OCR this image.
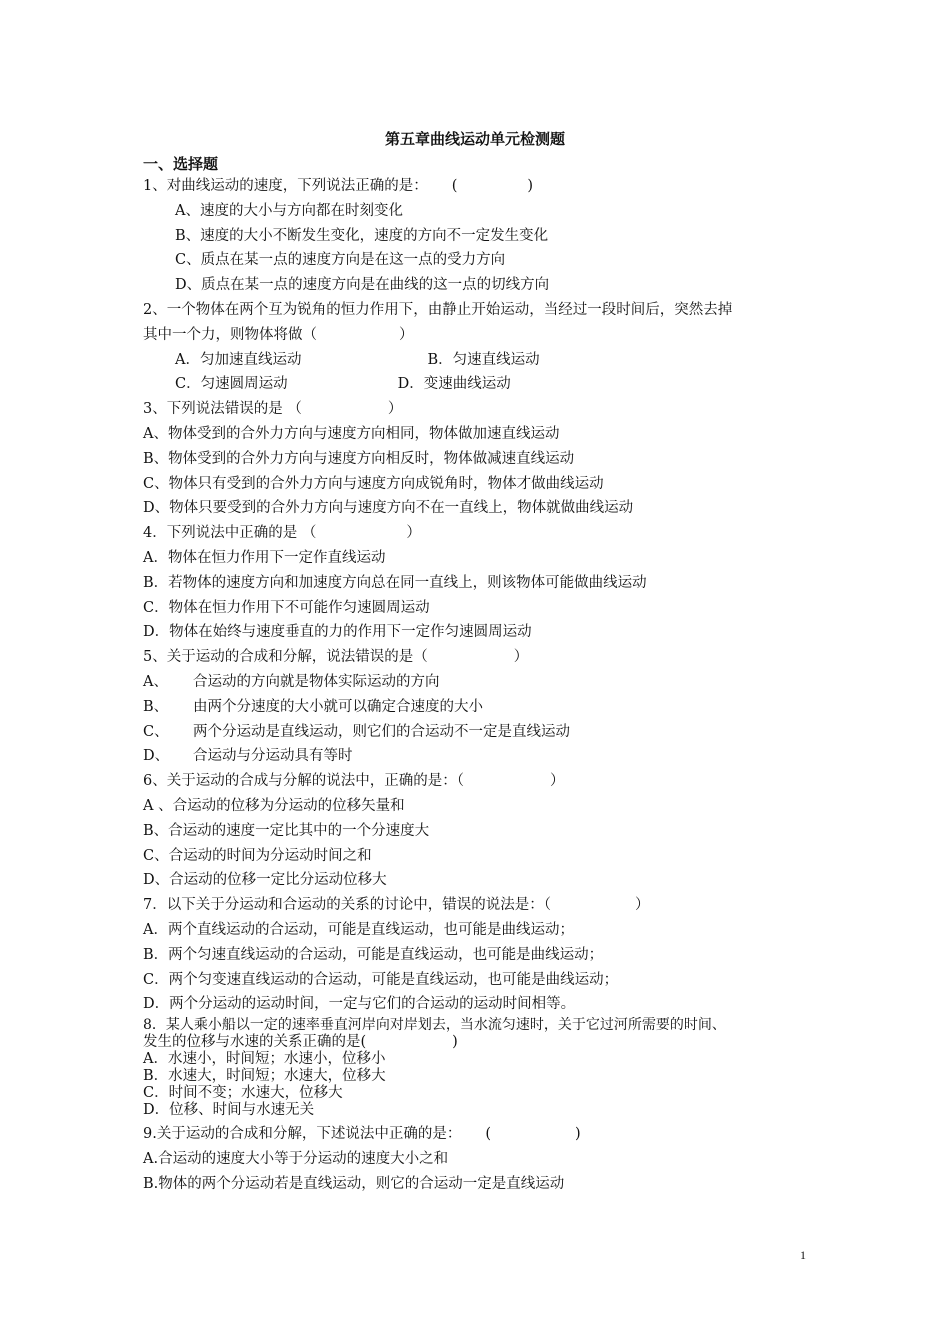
第五章曲线运动单元检测题
一、选择题
1、对曲线运动的速度，下列说法正确的是： (	)
A、速度的大小与方向都在时刻变化
B、速度的大小不断发生变化，速度的方向不一定发生变化
C、质点在某一点的速度方向是在这一点的受力方向
D、质点在某一点的速度方向是在曲线的这一点的切线方向
2、一个物体在两个互为锐角的恒力作用下，由静止开始运动，当经过一段时间后，突然去掉
其中一个力，则物体将做（	）
A．匀加速直线运动	B．匀速直线运动
C．匀速圆周运动	D．变速曲线运动
3、下列说法错误的是 （	）
A、物体受到的合外力方向与速度方向相同，物体做加速直线运动
B、物体受到的合外力方向与速度方向相反时，物体做减速直线运动
C、物体只有受到的合外力方向与速度方向成锐角时，物体才做曲线运动
D、物体只要受到的合外力方向与速度方向不在一直线上，物体就做曲线运动
4．下列说法中正确的是 （	）
A．物体在恒力作用下一定作直线运动
B．若物体的速度方向和加速度方向总在同一直线上，则该物体可能做曲线运动
C．物体在恒力作用下不可能作匀速圆周运动
D．物体在始终与速度垂直的力的作用下一定作匀速圆周运动
5、关于运动的合成和分解，说法错误的是（	）
A、 合运动的方向就是物体实际运动的方向
B、 由两个分速度的大小就可以确定合速度的大小
C、 两个分运动是直线运动，则它们的合运动不一定是直线运动
D、 合运动与分运动具有等时
6、关于运动的合成与分解的说法中，正确的是：（	）
A 、合运动的位移为分运动的位移矢量和
B、合运动的速度一定比其中的一个分速度大
C、合运动的时间为分运动时间之和
D、合运动的位移一定比分运动位移大
7．以下关于分运动和合运动的关系的讨论中，错误的说法是：（	）
A．两个直线运动的合运动，可能是直线运动，也可能是曲线运动；
B．两个匀速直线运动的合运动，可能是直线运动，也可能是曲线运动；
C．两个匀变速直线运动的合运动，可能是直线运动，也可能是曲线运动；
D．两个分运动的运动时间，一定与它们的合运动的运动时间相等。
8．某人乘小船以一定的速率垂直河岸向对岸划去，当水流匀速时，关于它过河所需要的时间、
发生的位移与水速的关系正确的是(	)
A．水速小，时间短；水速小，位移小
B．水速大，时间短；水速大，位移大
C．时间不变；水速大，位移大
D．位移、时间与水速无关
9.关于运动的合成和分解，下述说法中正确的是： (	)
A.合运动的速度大小等于分运动的速度大小之和
B.物体的两个分运动若是直线运动，则它的合运动一定是直线运动
1
